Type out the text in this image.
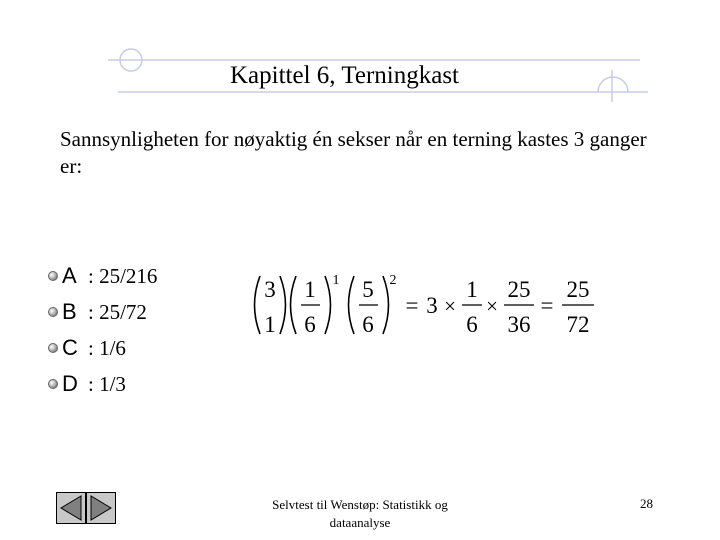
Kapittel 6, Terningkast
Sannsynligheten for nøyaktig én sekser når en terning kastes 3 ganger er:
A : 25/216
B : 25/72
C : 1/6
D : 1/3
3
1
1
6
1 5
6
2
= 3 ×
1
6
×
25
36
=
25
72
Selvtest til Wenstøp: Statistikk og dataanalyse
28
